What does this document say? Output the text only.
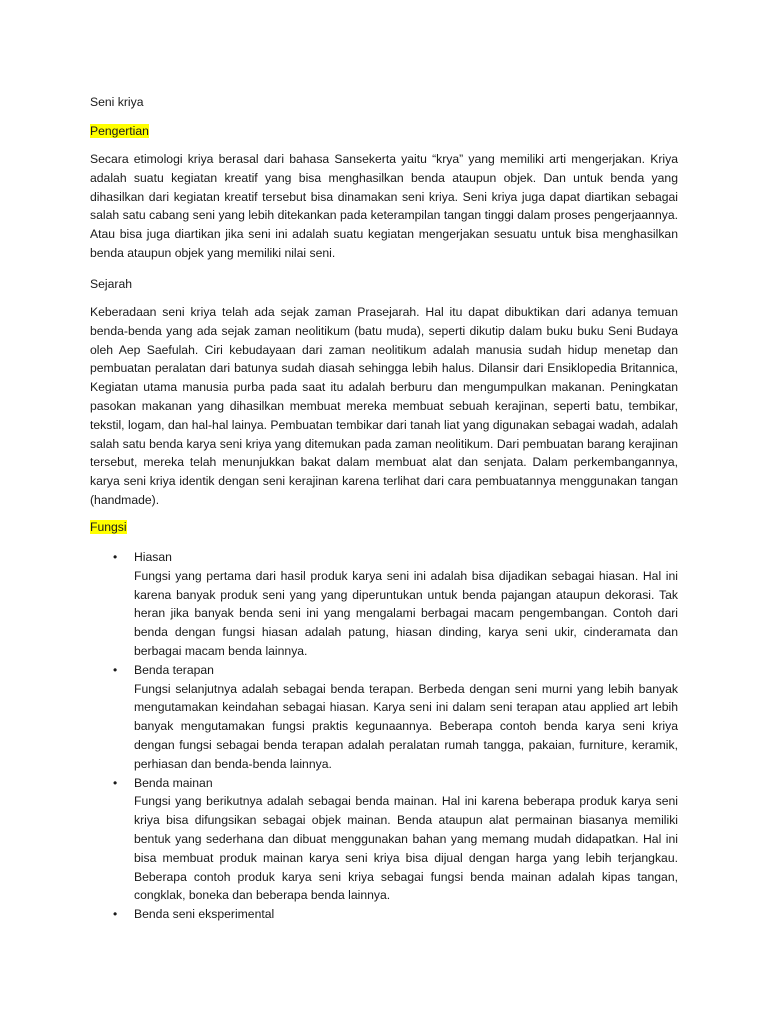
Seni kriya
Pengertian

Secara etimologi kriya berasal dari bahasa Sansekerta yaitu “krya” yang memiliki arti mengerjakan. Kriya adalah suatu kegiatan kreatif yang bisa menghasilkan benda ataupun objek. Dan untuk benda yang dihasilkan dari kegiatan kreatif tersebut bisa dinamakan seni kriya. Seni kriya juga dapat diartikan sebagai salah satu cabang seni yang lebih ditekankan pada keterampilan tangan tinggi dalam proses pengerjaannya. Atau bisa juga diartikan jika seni ini adalah suatu kegiatan mengerjakan sesuatu untuk bisa menghasilkan benda ataupun objek yang memiliki nilai seni.

Sejarah

Keberadaan seni kriya telah ada sejak zaman Prasejarah. Hal itu dapat dibuktikan dari adanya temuan benda-benda yang ada sejak zaman neolitikum (batu muda), seperti dikutip dalam buku buku Seni Budaya oleh Aep Saefulah. Ciri kebudayaan dari zaman neolitikum adalah manusia sudah hidup menetap dan pembuatan peralatan dari batunya sudah diasah sehingga lebih halus. Dilansir dari Ensiklopedia Britannica, Kegiatan utama manusia purba pada saat itu adalah berburu dan mengumpulkan makanan. Peningkatan pasokan makanan yang dihasilkan membuat mereka membuat sebuah kerajinan, seperti batu, tembikar, tekstil, logam, dan hal-hal lainya. Pembuatan tembikar dari tanah liat yang digunakan sebagai wadah, adalah salah satu benda karya seni kriya yang ditemukan pada zaman neolitikum. Dari pembuatan barang kerajinan tersebut, mereka telah menunjukkan bakat dalam membuat alat dan senjata. Dalam perkembangannya, karya seni kriya identik dengan seni kerajinan karena terlihat dari cara pembuatannya menggunakan tangan (handmade).

Fungsi
• Hiasan
Fungsi yang pertama dari hasil produk karya seni ini adalah bisa dijadikan sebagai hiasan. Hal ini karena banyak produk seni yang yang diperuntukan untuk benda pajangan ataupun dekorasi. Tak heran jika banyak benda seni ini yang mengalami berbagai macam pengembangan. Contoh dari benda dengan fungsi hiasan adalah patung, hiasan dinding, karya seni ukir, cinderamata dan berbagai macam benda lainnya.
• Benda terapan
Fungsi selanjutnya adalah sebagai benda terapan. Berbeda dengan seni murni yang lebih banyak mengutamakan keindahan sebagai hiasan. Karya seni ini dalam seni terapan atau applied art lebih banyak mengutamakan fungsi praktis kegunaannya. Beberapa contoh benda karya seni kriya dengan fungsi sebagai benda terapan adalah peralatan rumah tangga, pakaian, furniture, keramik, perhiasan dan benda-benda lainnya.
• Benda mainan
Fungsi yang berikutnya adalah sebagai benda mainan. Hal ini karena beberapa produk karya seni kriya bisa difungsikan sebagai objek mainan. Benda ataupun alat permainan biasanya memiliki bentuk yang sederhana dan dibuat menggunakan bahan yang memang mudah didapatkan. Hal ini bisa membuat produk mainan karya seni kriya bisa dijual dengan harga yang lebih terjangkau. Beberapa contoh produk karya seni kriya sebagai fungsi benda mainan adalah kipas tangan, congklak, boneka dan beberapa benda lainnya.
• Benda seni eksperimental
